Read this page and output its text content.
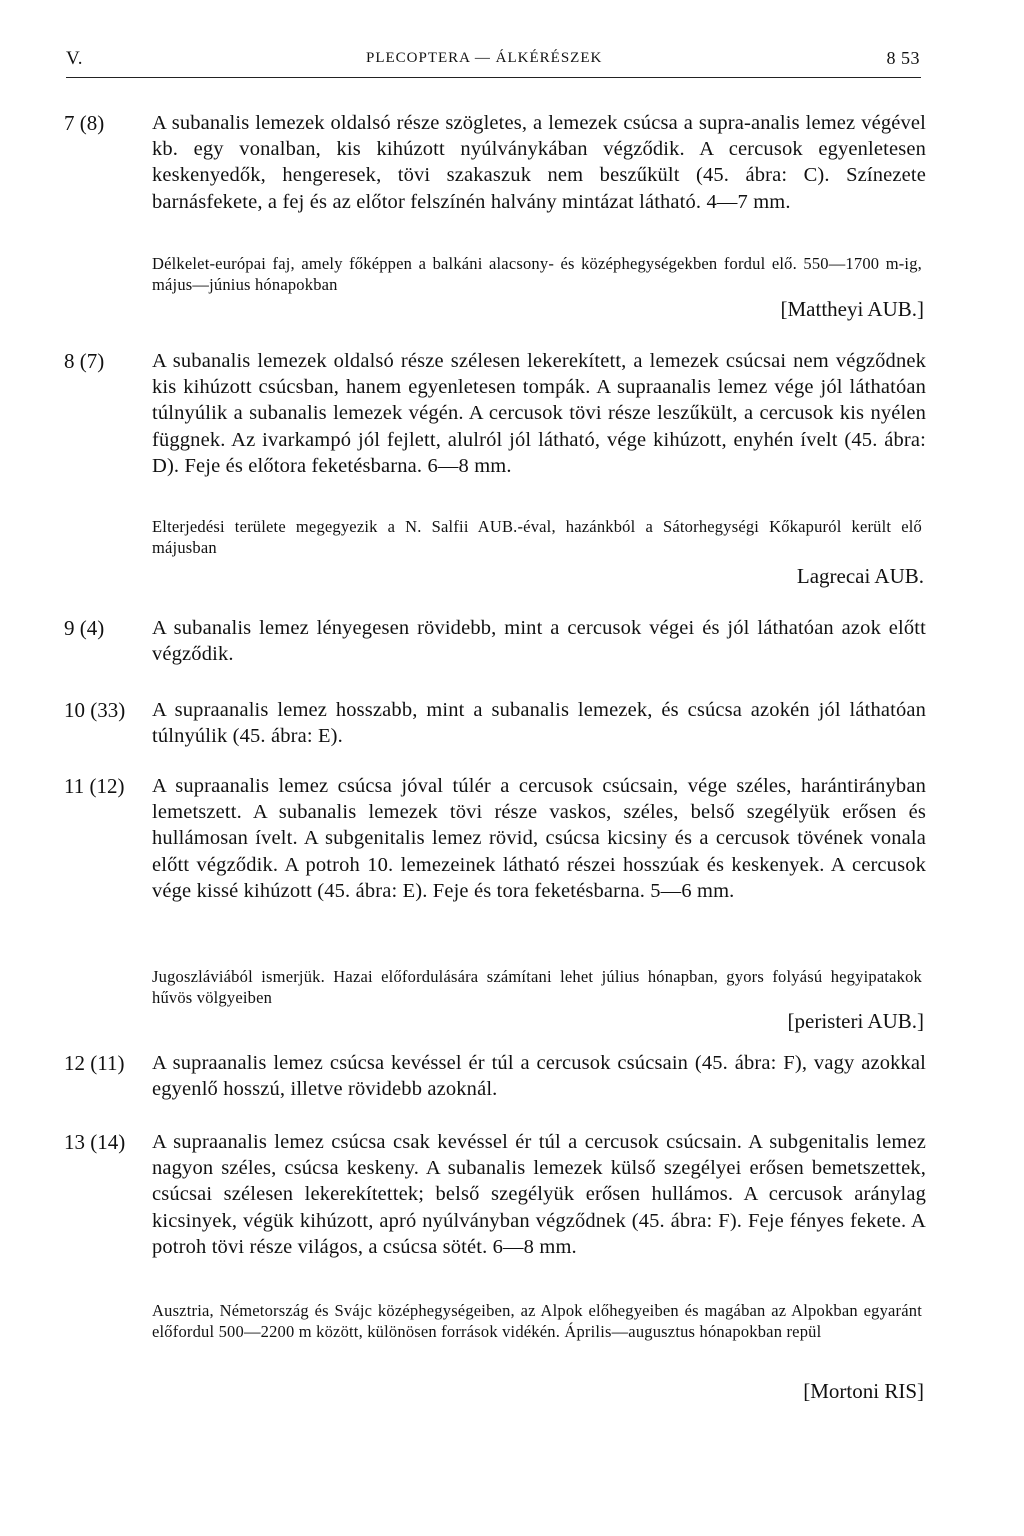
V.	PLECOPTERA — ÁLKÉRÉSZEK	8 53
7 (8) A subanalis lemezek oldalsó része szögletes, a lemezek csúcsa a supra-analis lemez végével kb. egy vonalban, kis kihúzott nyúlványkában végződik. A cercusok egyenletesen keskenyedők, hengeresek, tövi szakaszuk nem beszűkült (45. ábra: C). Színezete barnásfekete, a fej és az előtor felszínén halvány mintázat látható. 4—7 mm.
Délkelet-európai faj, amely főképpen a balkáni alacsony- és középhegységekben fordul elő. 550—1700 m-ig, május—június hónapokban
[Mattheyi AUB.]
8 (7) A subanalis lemezek oldalsó része szélesen lekerekített, a lemezek csúcsai nem végződnek kis kihúzott csúcsban, hanem egyenletesen tompák. A supraanalis lemez vége jól láthatóan túlnyúlik a subanalis lemezek végén. A cercusok tövi része leszűkült, a cercusok kis nyélen függnek. Az ivarkampó jól fejlett, alulról jól látható, vége kihúzott, enyhén ívelt (45. ábra: D). Feje és előtora feketésbarna. 6—8 mm.
Elterjedési területe megegyezik a N. Salfii AUB.-éval, hazánkból a Sátorhegységi Kőkapuról került elő májusban
Lagrecai AUB.
9 (4) A subanalis lemez lényegesen rövidebb, mint a cercusok végei és jól láthatóan azok előtt végződik.
10 (33) A supraanalis lemez hosszabb, mint a subanalis lemezek, és csúcsa azokén jól láthatóan túlnyúlik (45. ábra: E).
11 (12) A supraanalis lemez csúcsa jóval túlér a cercusok csúcsain, vége széles, harántirányban lemetszett. A subanalis lemezek tövi része vaskos, széles, belső szegélyük erősen és hullámosan ívelt. A subgenitalis lemez rövid, csúcsa kicsiny és a cercusok tövének vonala előtt végződik. A potroh 10. lemezeinek látható részei hosszúak és keskenyek. A cercusok vége kissé kihúzott (45. ábra: E). Feje és tora feketésbarna. 5—6 mm.
Jugoszláviából ismerjük. Hazai előfordulására számítani lehet július hónapban, gyors folyású hegyipatakok hűvös völgyeiben
[peristeri AUB.]
12 (11) A supraanalis lemez csúcsa kevéssel ér túl a cercusok csúcsain (45. ábra: F), vagy azokkal egyenlő hosszú, illetve rövidebb azoknál.
13 (14) A supraanalis lemez csúcsa csak kevéssel ér túl a cercusok csúcsain. A subgenitalis lemez nagyon széles, csúcsa keskeny. A subanalis lemezek külső szegélyei erősen bemetszettek, csúcsai szélesen lekerekítettek; belső szegélyük erősen hullámos. A cercusok aránylag kicsinyek, végük kihúzott, apró nyúlványban végződnek (45. ábra: F). Feje fényes fekete. A potroh tövi része világos, a csúcsa sötét. 6—8 mm.
Ausztria, Németország és Svájc középhegységeiben, az Alpok előhegyeiben és magában az Alpokban egyaránt előfordul 500—2200 m között, különösen források vidékén. Április—augusztus hónapokban repül
[Mortoni RIS]
